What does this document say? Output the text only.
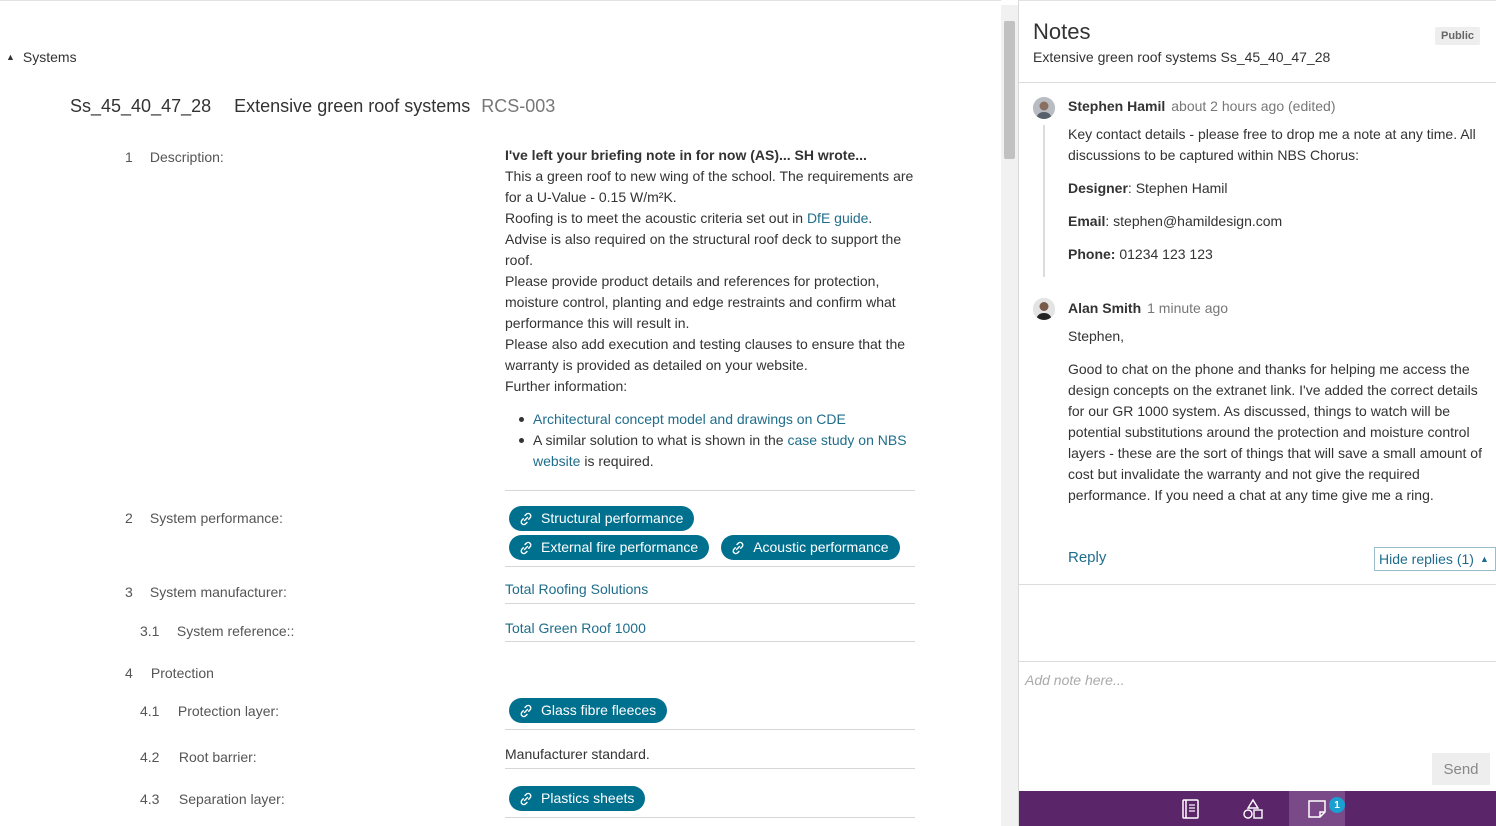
▲ Systems
Ss_45_40_47_28 Extensive green roof systems RCS-003
1 Description:	I've left your briefing note in for now (AS)... SH wrote...

This a green roof to new wing of the school. The requirements are for a U-Value - 0.15 W/m²K.

Roofing is to meet the acoustic criteria set out in DfE guide.

Advise is also required on the structural roof deck to support the roof.

Please provide product details and references for protection, moisture control, planting and edge restraints and confirm what performance this will result in.

Please also add execution and testing clauses to ensure that the warranty is provided as detailed on your website.

Further information:

Architectural concept model and drawings on CDE
A similar solution to what is shown in the case study on NBS website is required.
2 System performance:	Structural performance

External fire performance	Acoustic performance
3 System manufacturer:	Total Roofing Solutions
3.1 System reference::	Total Green Roof 1000
4 Protection
4.1 Protection layer:	Glass fibre fleeces
4.2 Root barrier:	Manufacturer standard.
4.3 Separation layer:	Plastics sheets
Notes
Extensive green roof systems Ss_45_40_47_28
Public
Stephen Hamil about 2 hours ago (edited)

Key contact details - please free to drop me a note at any time. All discussions to be captured within NBS Chorus:

Designer: Stephen Hamil

Email: stephen@hamildesign.com

Phone: 01234 123 123

Alan Smith 1 minute ago

Stephen,

Good to chat on the phone and thanks for helping me access the design concepts on the extranet link. I've added the correct details for our GR 1000 system. As discussed, things to watch will be potential substitutions around the protection and moisture control layers - these are the sort of things that will save a small amount of cost but invalidate the warranty and not give the required performance. If you need a chat at any time give me a ring.

Reply	Hide replies (1) ▲
Add note here...
Send
1
